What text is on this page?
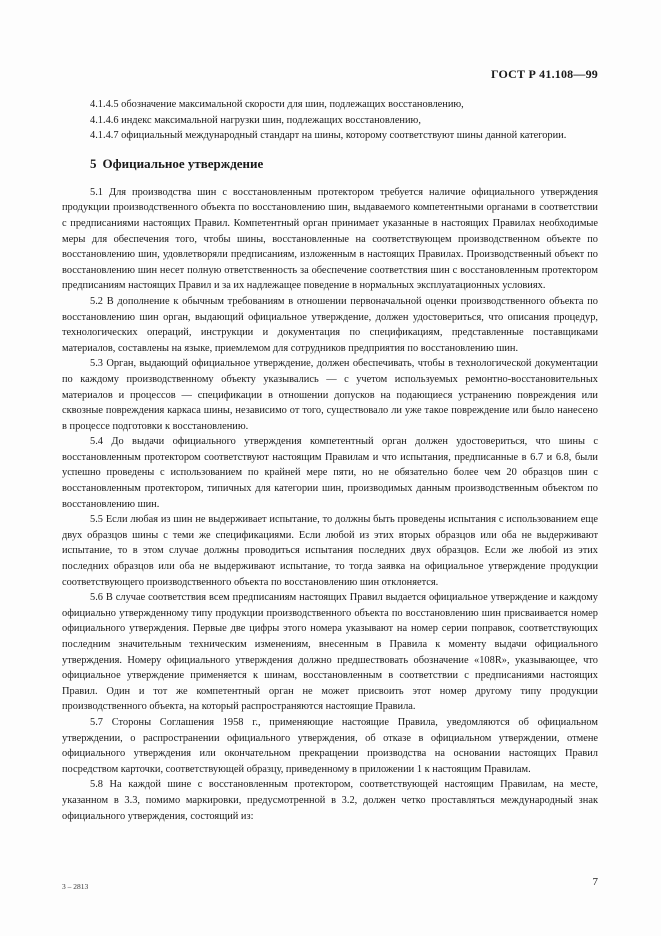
ГОСТ Р 41.108—99

4.1.4.5 обозначение максимальной скорости для шин, подлежащих восстановлению,

4.1.4.6 индекс максимальной нагрузки шин, подлежащих восстановлению,

4.1.4.7 официальный международный стандарт на шины, которому соответствуют шины данной категории.

5 Официальное утверждение

5.1 Для производства шин с восстановленным протектором требуется наличие официального утверждения продукции производственного объекта по восстановлению шин, выдаваемого компетентными органами в соответствии с предписаниями настоящих Правил. Компетентный орган принимает указанные в настоящих Правилах необходимые меры для обеспечения того, чтобы шины, восстановленные на соответствующем производственном объекте по восстановлению шин, удовлетворяли предписаниям, изложенным в настоящих Правилах. Производственный объект по восстановлению шин несет полную ответственность за обеспечение соответствия шин с восстановленным протектором предписаниям настоящих Правил и за их надлежащее поведение в нормальных эксплуатационных условиях.

5.2 В дополнение к обычным требованиям в отношении первоначальной оценки производственного объекта по восстановлению шин орган, выдающий официальное утверждение, должен удостовериться, что описания процедур, технологических операций, инструкции и документация по спецификациям, представленные поставщиками материалов, составлены на языке, приемлемом для сотрудников предприятия по восстановлению шин.

5.3 Орган, выдающий официальное утверждение, должен обеспечивать, чтобы в технологической документации по каждому производственному объекту указывались — с учетом используемых ремонтно-восстановительных материалов и процессов — спецификации в отношении допусков на подающиеся устранению повреждения или сквозные повреждения каркаса шины, независимо от того, существовало ли уже такое повреждение или было нанесено в процессе подготовки к восстановлению.

5.4 До выдачи официального утверждения компетентный орган должен удостовериться, что шины с восстановленным протектором соответствуют настоящим Правилам и что испытания, предписанные в 6.7 и 6.8, были успешно проведены с использованием по крайней мере пяти, но не обязательно более чем 20 образцов шин с восстановленным протектором, типичных для категории шин, производимых данным производственным объектом по восстановлению шин.

5.5 Если любая из шин не выдерживает испытание, то должны быть проведены испытания с использованием еще двух образцов шины с теми же спецификациями. Если любой из этих вторых образцов или оба не выдерживают испытание, то в этом случае должны проводиться испытания последних двух образцов. Если же любой из этих последних образцов или оба не выдерживают испытание, то тогда заявка на официальное утверждение продукции соответствующего производственного объекта по восстановлению шин отклоняется.

5.6 В случае соответствия всем предписаниям настоящих Правил выдается официальное утверждение и каждому официально утвержденному типу продукции производственного объекта по восстановлению шин присваивается номер официального утверждения. Первые две цифры этого номера указывают на номер серии поправок, соответствующих последним значительным техническим изменениям, внесенным в Правила к моменту выдачи официального утверждения. Номеру официального утверждения должно предшествовать обозначение «108R», указывающее, что официальное утверждение применяется к шинам, восстановленным в соответствии с предписаниями настоящих Правил. Один и тот же компетентный орган не может присвоить этот номер другому типу продукции производственного объекта, на который распространяются настоящие Правила.

5.7 Стороны Соглашения 1958 г., применяющие настоящие Правила, уведомляются об официальном утверждении, о распространении официального утверждения, об отказе в официальном утверждении, отмене официального утверждения или окончательном прекращении производства на основании настоящих Правил посредством карточки, соответствующей образцу, приведенному в приложении 1 к настоящим Правилам.

5.8 На каждой шине с восстановленным протектором, соответствующей настоящим Правилам, на месте, указанном в 3.3, помимо маркировки, предусмотренной в 3.2, должен четко проставляться международный знак официального утверждения, состоящий из:

3 – 2813	7
